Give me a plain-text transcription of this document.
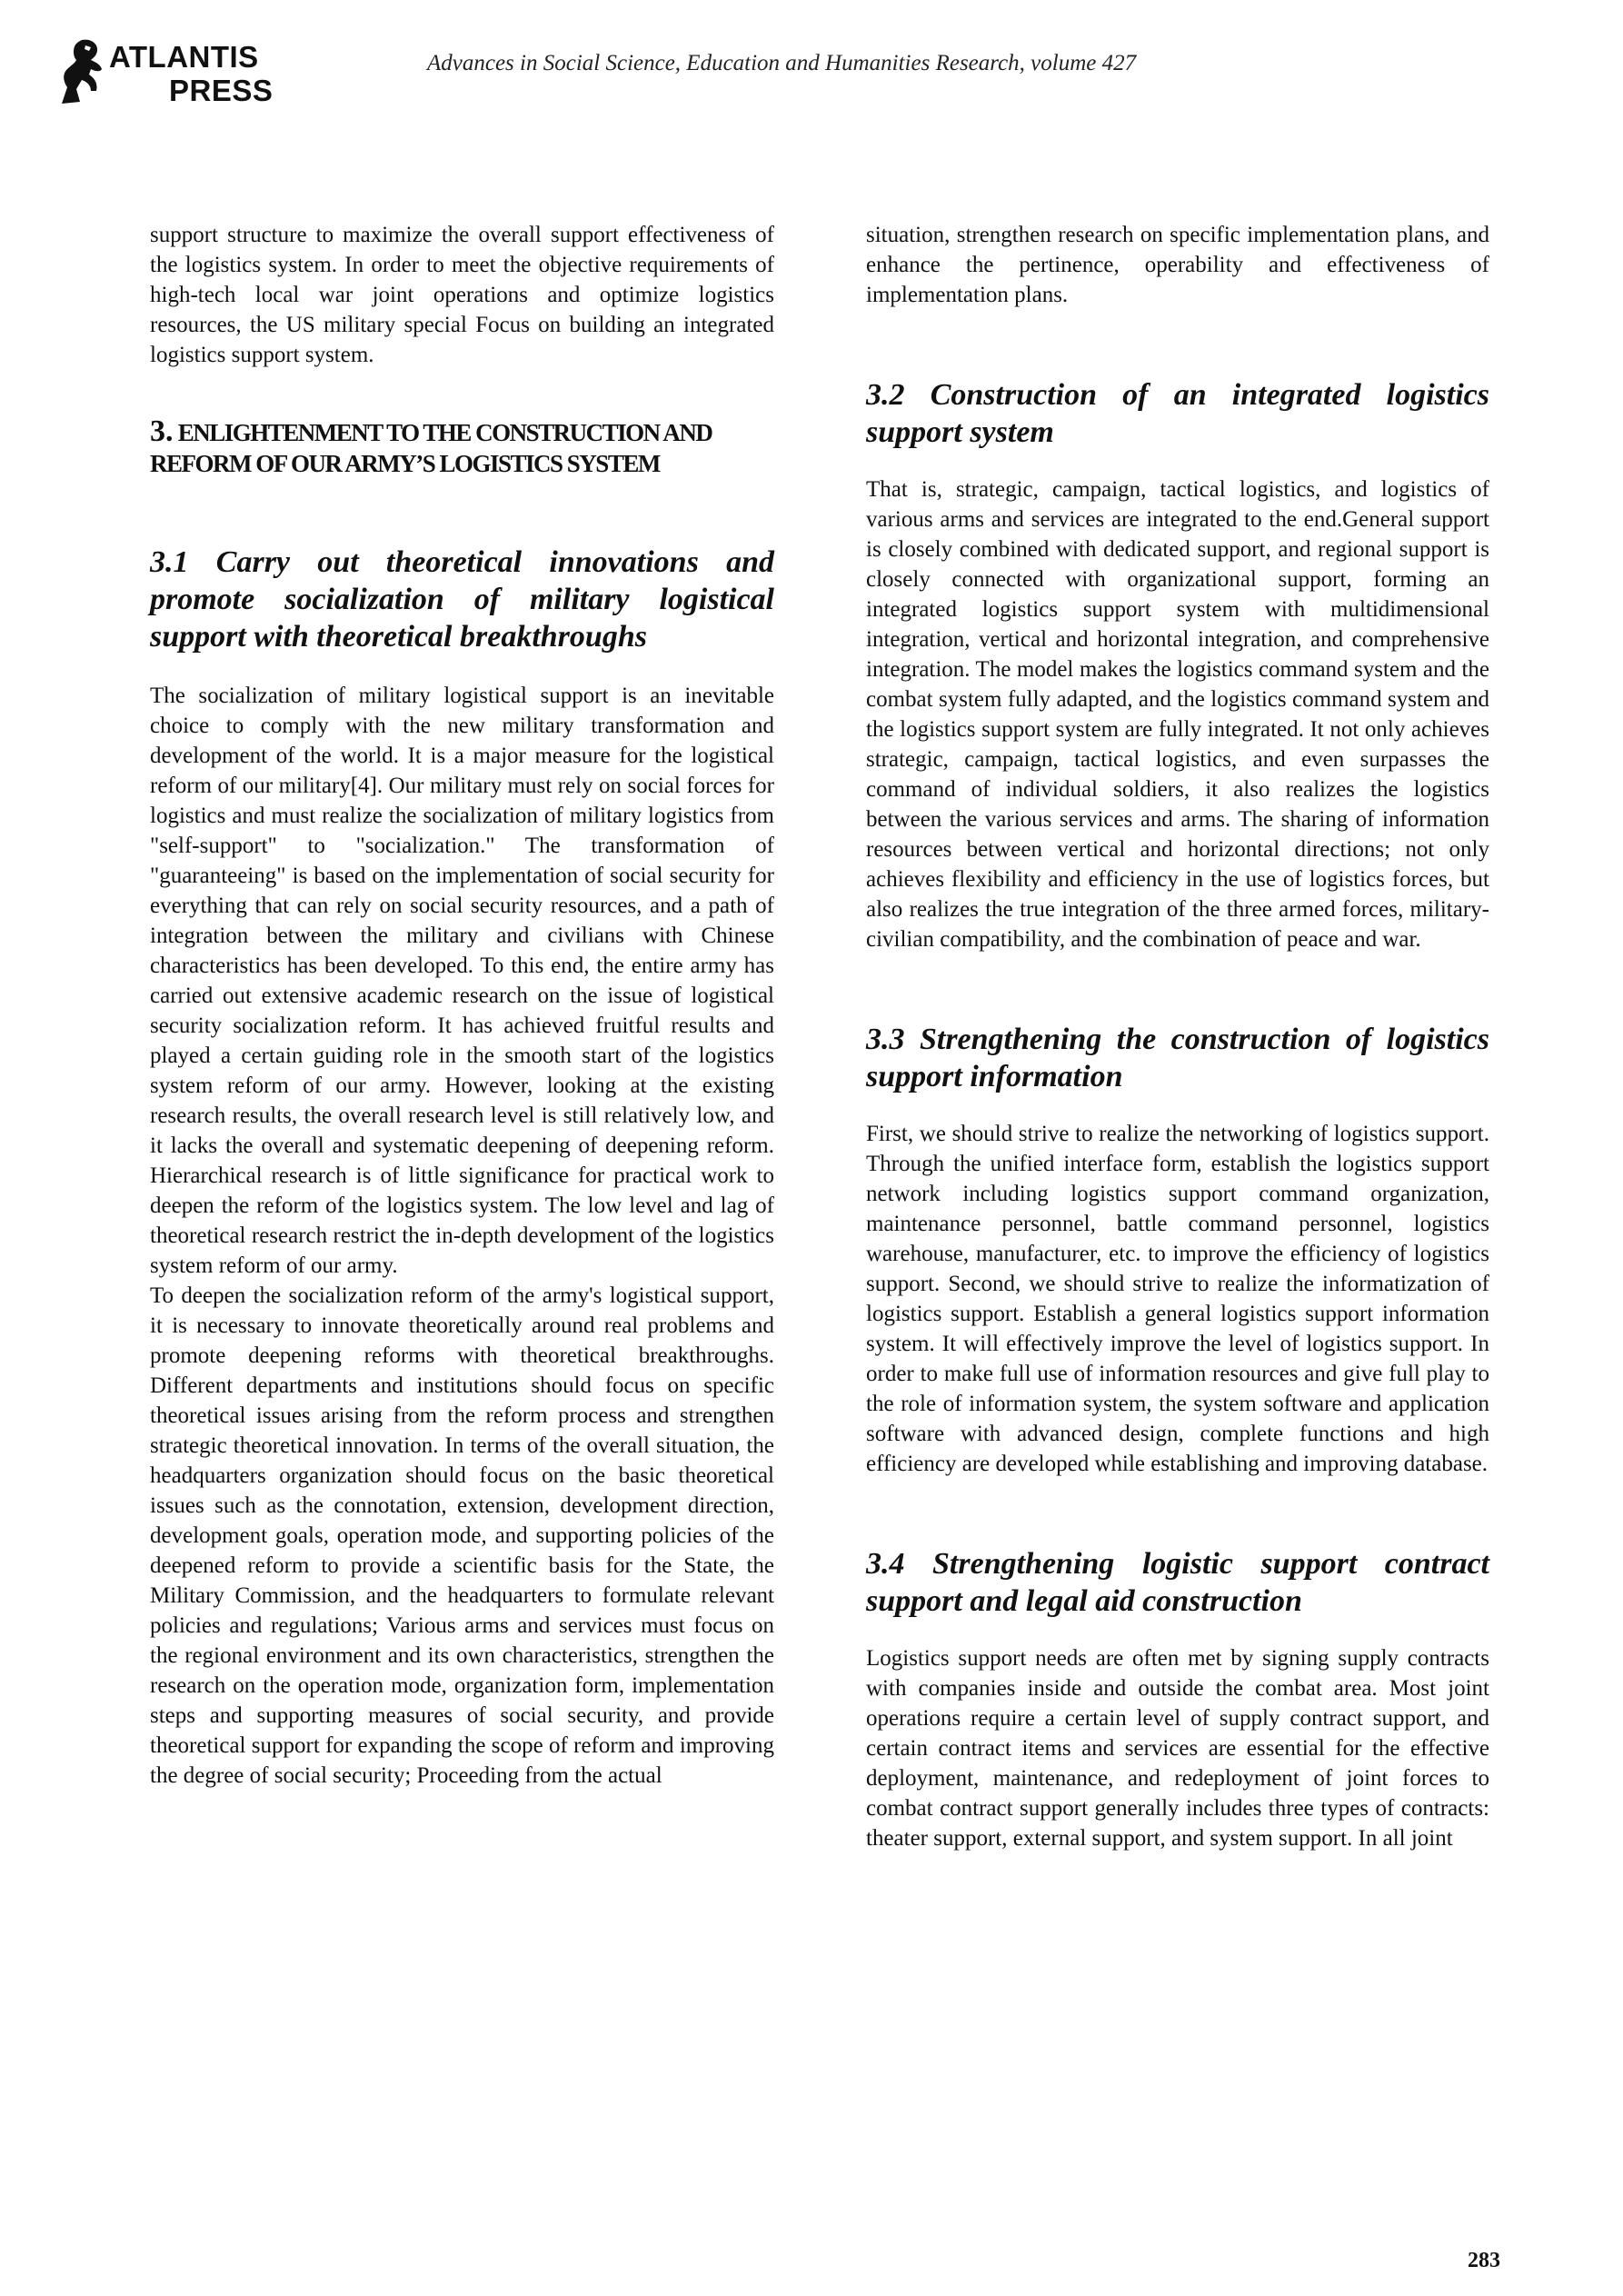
ATLANTIS
PRESS
Advances in Social Science, Education and Humanities Research, volume 427

support structure to maximize the overall support effectiveness of the logistics system. In order to meet the objective requirements of high-tech local war joint operations and optimize logistics resources, the US military special Focus on building an integrated logistics support system.

3. ENLIGHTENMENT TO THE CONSTRUCTION AND REFORM OF OUR ARMY’S LOGISTICS SYSTEM
3.1 Carry out theoretical innovations and promote socialization of military logistical support with theoretical breakthroughs

The socialization of military logistical support is an inevitable choice to comply with the new military transformation and development of the world. It is a major measure for the logistical reform of our military[4]. Our military must rely on social forces for logistics and must realize the socialization of military logistics from "self-support" to "socialization." The transformation of "guaranteeing" is based on the implementation of social security for everything that can rely on social security resources, and a path of integration between the military and civilians with Chinese characteristics has been developed. To this end, the entire army has carried out extensive academic research on the issue of logistical security socialization reform. It has achieved fruitful results and played a certain guiding role in the smooth start of the logistics system reform of our army. However, looking at the existing research results, the overall research level is still relatively low, and it lacks the overall and systematic deepening of deepening reform. Hierarchical research is of little significance for practical work to deepen the reform of the logistics system. The low level and lag of theoretical research restrict the in-depth development of the logistics system reform of our army.

To deepen the socialization reform of the army's logistical support, it is necessary to innovate theoretically around real problems and promote deepening reforms with theoretical breakthroughs. Different departments and institutions should focus on specific theoretical issues arising from the reform process and strengthen strategic theoretical innovation. In terms of the overall situation, the headquarters organization should focus on the basic theoretical issues such as the connotation, extension, development direction, development goals, operation mode, and supporting policies of the deepened reform to provide a scientific basis for the State, the Military Commission, and the headquarters to formulate relevant policies and regulations; Various arms and services must focus on the regional environment and its own characteristics, strengthen the research on the operation mode, organization form, implementation steps and supporting measures of social security, and provide theoretical support for expanding the scope of reform and improving the degree of social security; Proceeding from the actual

situation, strengthen research on specific implementation plans, and enhance the pertinence, operability and effectiveness of implementation plans.

3.2 Construction of an integrated logistics support system

That is, strategic, campaign, tactical logistics, and logistics of various arms and services are integrated to the end.General support is closely combined with dedicated support, and regional support is closely connected with organizational support, forming an integrated logistics support system with multidimensional integration, vertical and horizontal integration, and comprehensive integration. The model makes the logistics command system and the combat system fully adapted, and the logistics command system and the logistics support system are fully integrated. It not only achieves strategic, campaign, tactical logistics, and even surpasses the command of individual soldiers, it also realizes the logistics between the various services and arms. The sharing of information resources between vertical and horizontal directions; not only achieves flexibility and efficiency in the use of logistics forces, but also realizes the true integration of the three armed forces, military-civilian compatibility, and the combination of peace and war.

3.3 Strengthening the construction of logistics support information

First, we should strive to realize the networking of logistics support. Through the unified interface form, establish the logistics support network including logistics support command organization, maintenance personnel, battle command personnel, logistics warehouse, manufacturer, etc. to improve the efficiency of logistics support. Second, we should strive to realize the informatization of logistics support. Establish a general logistics support information system. It will effectively improve the level of logistics support. In order to make full use of information resources and give full play to the role of information system, the system software and application software with advanced design, complete functions and high efficiency are developed while establishing and improving database.

3.4 Strengthening logistic support contract support and legal aid construction

Logistics support needs are often met by signing supply contracts with companies inside and outside the combat area. Most joint operations require a certain level of supply contract support, and certain contract items and services are essential for the effective deployment, maintenance, and redeployment of joint forces to combat contract support generally includes three types of contracts: theater support, external support, and system support. In all joint

283
